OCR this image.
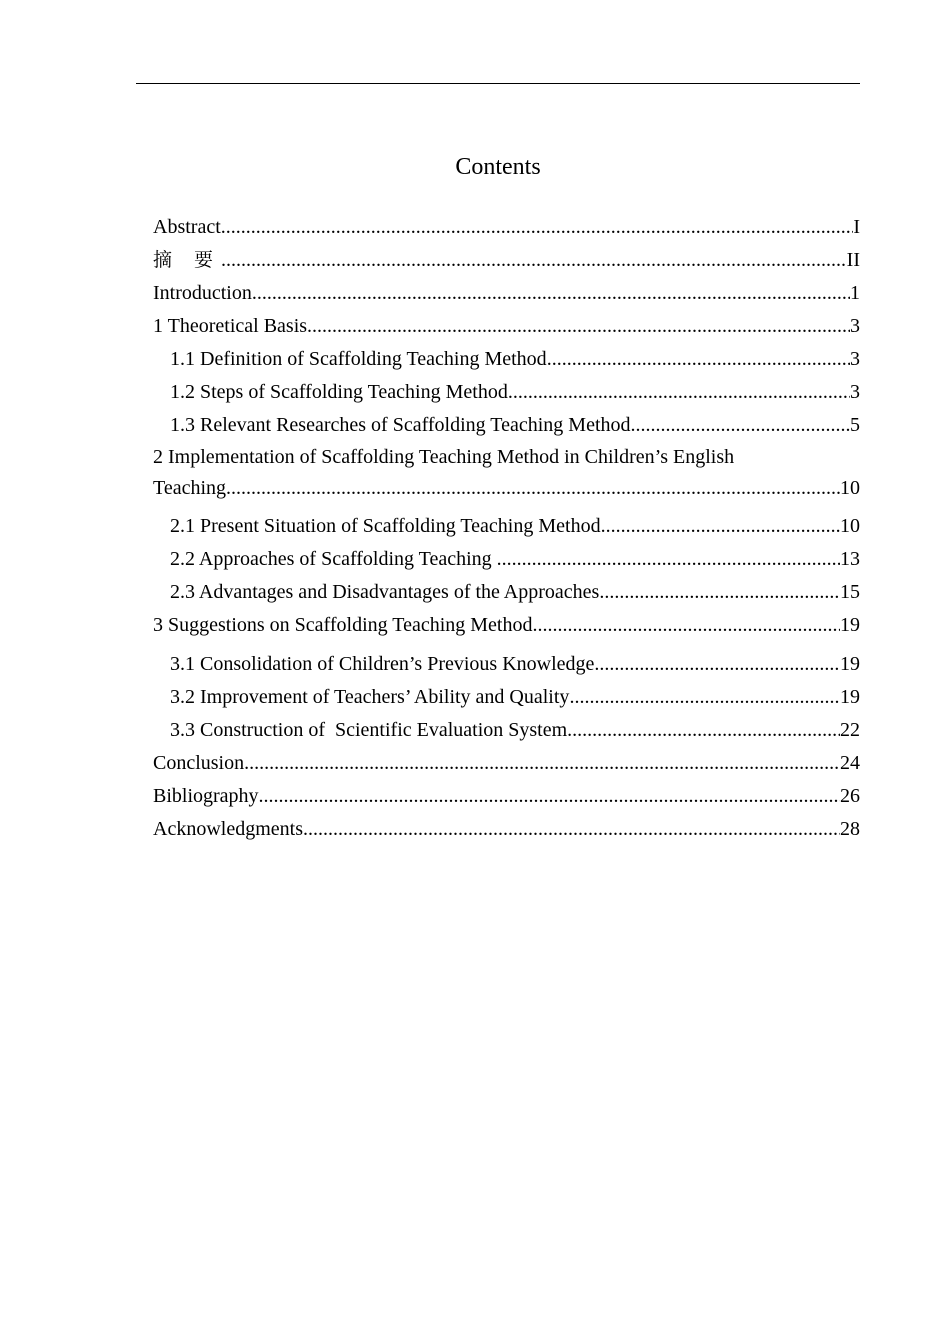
Contents
Abstract .....	I
摘 要 .....	II
Introduction .....	1
1 Theoretical Basis .....	3
1.1 Definition of Scaffolding Teaching Method .....	3
1.2 Steps of Scaffolding Teaching Method .....	3
1.3 Relevant Researches of Scaffolding Teaching Method .....	5
2 Implementation of Scaffolding Teaching Method in Children’s English
Teaching .....	10
2.1 Present Situation of Scaffolding Teaching Method .....	10
2.2 Approaches of Scaffolding Teaching .....	13
2.3 Advantages and Disadvantages of the Approaches .....	15
3 Suggestions on Scaffolding Teaching Method .....	19
3.1 Consolidation of Children’s Previous Knowledge .....	19
3.2 Improvement of Teachers’ Ability and Quality .....	19
3.3 Construction of  Scientific Evaluation System .....	22
Conclusion .....	24
Bibliography .....	26
Acknowledgments .....	28
